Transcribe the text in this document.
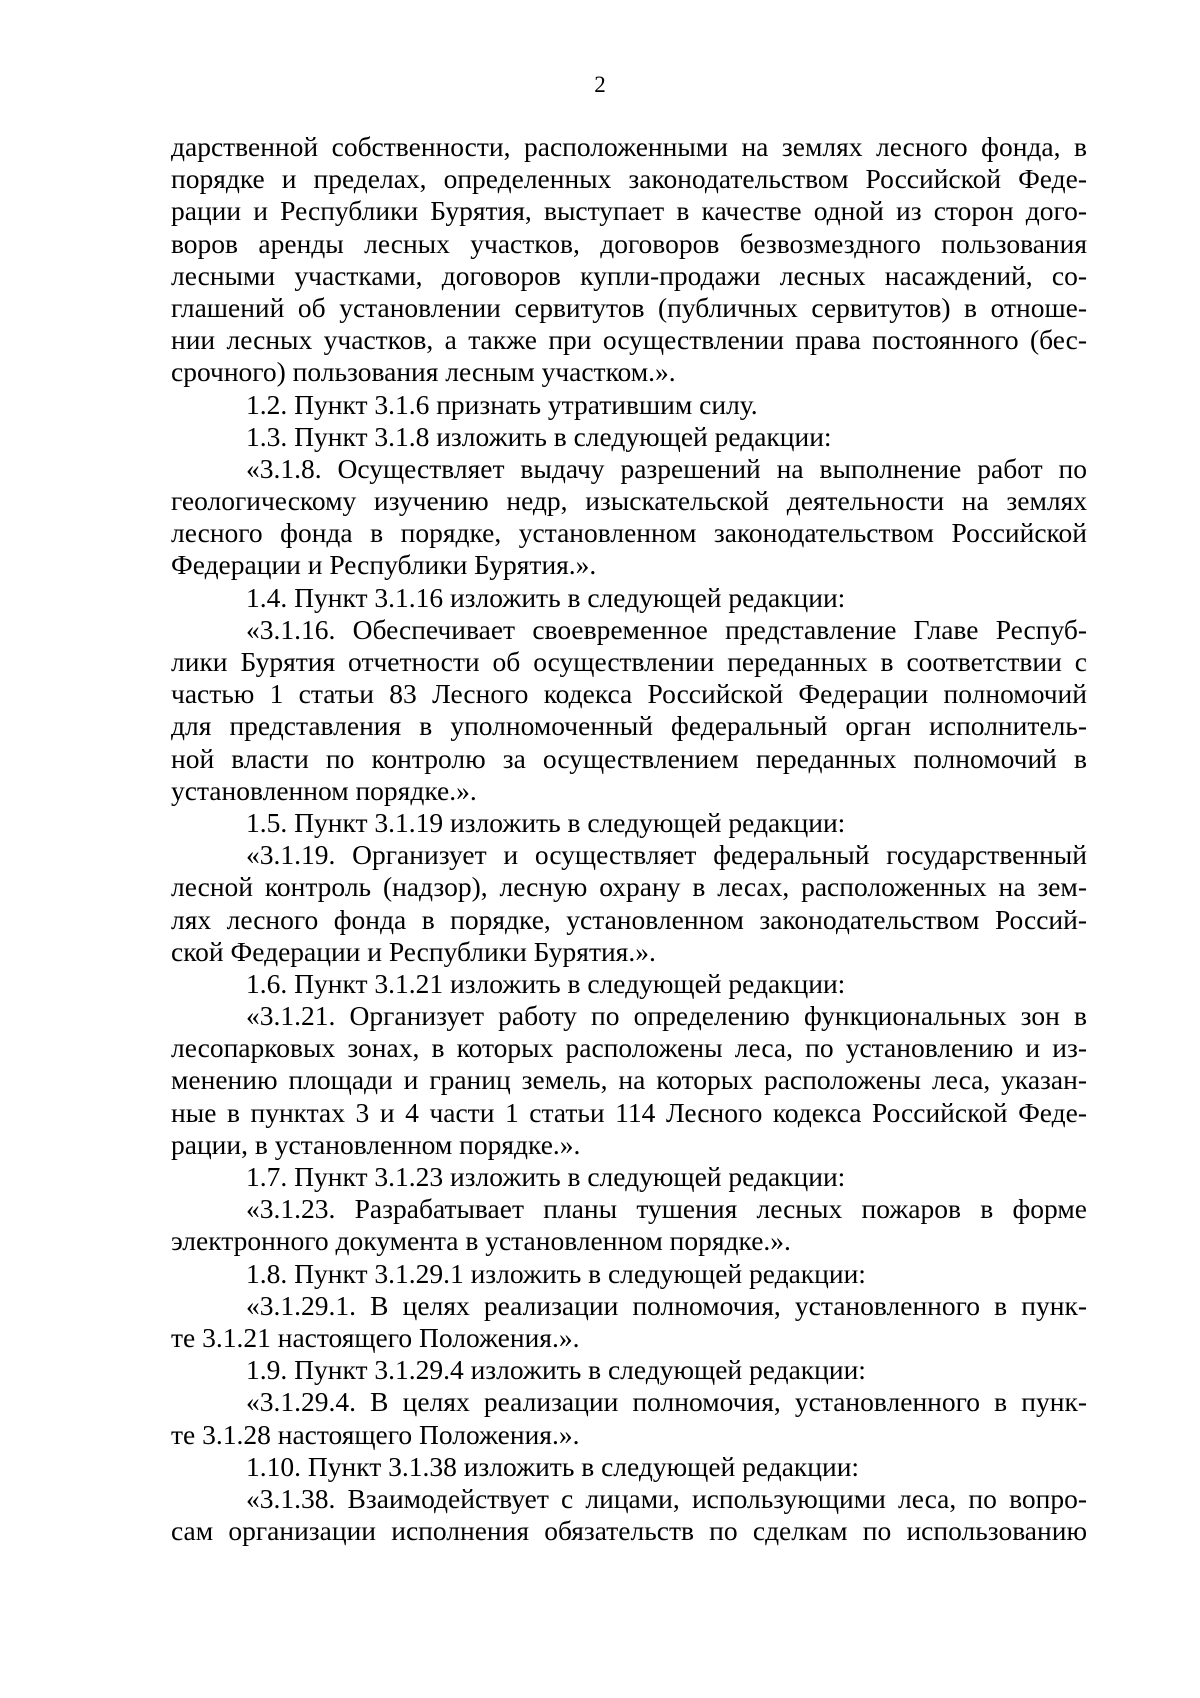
2
дарственной собственности, расположенными на землях лесного фонда, в
порядке и пределах, определенных законодательством Российской Феде-
рации и Республики Бурятия, выступает в качестве одной из сторон дого-
воров аренды лесных участков, договоров безвозмездного пользования
лесными участками, договоров купли-продажи лесных насаждений, со-
глашений об установлении сервитутов (публичных сервитутов) в отноше-
нии лесных участков, а также при осуществлении права постоянного (бес-
срочного) пользования лесным участком.».
1.2. Пункт 3.1.6 признать утратившим силу.
1.3. Пункт 3.1.8 изложить в следующей редакции:
«3.1.8. Осуществляет выдачу разрешений на выполнение работ по
геологическому изучению недр, изыскательской деятельности на землях
лесного фонда в порядке, установленном законодательством Российской
Федерации и Республики Бурятия.».
1.4. Пункт 3.1.16 изложить в следующей редакции:
«3.1.16. Обеспечивает своевременное представление Главе Респуб-
лики Бурятия отчетности об осуществлении переданных в соответствии с
частью 1 статьи 83 Лесного кодекса Российской Федерации полномочий
для представления в уполномоченный федеральный орган исполнитель-
ной власти по контролю за осуществлением переданных полномочий в
установленном порядке.».
1.5. Пункт 3.1.19 изложить в следующей редакции:
«3.1.19. Организует и осуществляет федеральный государственный
лесной контроль (надзор), лесную охрану в лесах, расположенных на зем-
лях лесного фонда в порядке, установленном законодательством Россий-
ской Федерации и Республики Бурятия.».
1.6. Пункт 3.1.21 изложить в следующей редакции:
«3.1.21. Организует работу по определению функциональных зон в
лесопарковых зонах, в которых расположены леса, по установлению и из-
менению площади и границ земель, на которых расположены леса, указан-
ные в пунктах 3 и 4 части 1 статьи 114 Лесного кодекса Российской Феде-
рации, в установленном порядке.».
1.7. Пункт 3.1.23 изложить в следующей редакции:
«3.1.23. Разрабатывает планы тушения лесных пожаров в форме
электронного документа в установленном порядке.».
1.8. Пункт 3.1.29.1 изложить в следующей редакции:
«3.1.29.1. В целях реализации полномочия, установленного в пунк-
те 3.1.21 настоящего Положения.».
1.9. Пункт 3.1.29.4 изложить в следующей редакции:
«3.1.29.4. В целях реализации полномочия, установленного в пунк-
те 3.1.28 настоящего Положения.».
1.10. Пункт 3.1.38 изложить в следующей редакции:
«3.1.38. Взаимодействует с лицами, использующими леса, по вопро-
сам организации исполнения обязательств по сделкам по использованию
